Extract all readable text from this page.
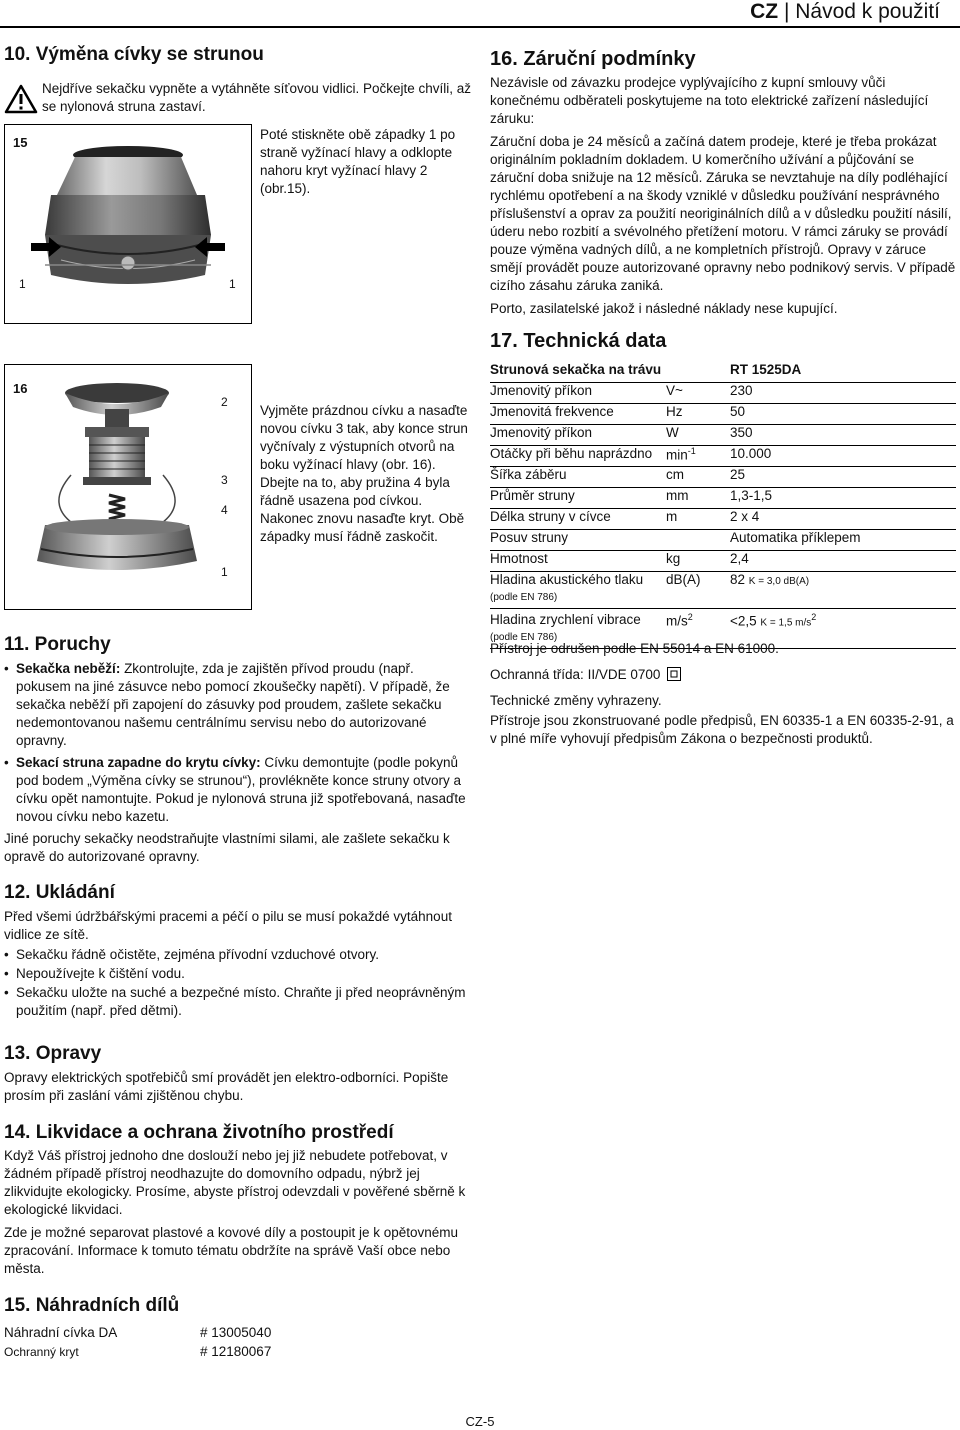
CZ | Návod k použití
10. Výměna cívky se strunou
Nejdříve sekačku vypněte a vytáhněte síťovou vidlici. Počkejte chvíli, až se nylonová struna zastaví.
15
1	1
Poté stiskněte obě západky 1 po straně vyžínací hlavy a odklopte nahoru kryt vyžínací hlavy 2 (obr.15).
16
2
3
4
1
Vyjměte prázdnou cívku a nasaďte novou cívku 3 tak, aby konce strun vyčnívaly z výstupních otvorů na boku vyžínací hlavy (obr. 16). Dbejte na to, aby pružina 4 byla řádně usazena pod cívkou. Nakonec znovu nasaďte kryt. Obě západky musí řádně zaskočit.
11. Poruchy
• Sekačka neběží: Zkontrolujte, zda je zajištěn přívod proudu (např. pokusem na jiné zásuvce nebo pomocí zkoušečky napětí). V případě, že sekačka neběží při zapojení do zásuvky pod proudem, zašlete sekačku nedemontovanou našemu centrálnímu servisu nebo do autorizované opravny.
• Sekací struna zapadne do krytu cívky: Cívku demontujte (podle pokynů pod bodem „Výměna cívky se strunou“), provlékněte konce struny otvory a cívku opět namontujte. Pokud je nylonová struna již spotřebovaná, nasaďte novou cívku nebo kazetu.

Jiné poruchy sekačky neodstraňujte vlastními silami, ale zašlete sekačku k opravě do autorizované opravny.

12. Ukládání

Před všemi údržbářskými pracemi a péčí o pilu se musí pokaždé vytáhnout vidlice ze sítě.

• Sekačku řádně očistěte, zejména přívodní vzduchové otvory.
• Nepoužívejte k čištění vodu.
• Sekačku uložte na suché a bezpečné místo. Chraňte ji před neoprávněným použitím (např. před dětmi).
13. Opravy
Opravy elektrických spotřebičů smí provádět jen elektro-odborníci. Popište prosím při zaslání vámi zjištěnou chybu.
14. Likvidace a ochrana životního prostředí

Když Váš přístroj jednoho dne doslouží nebo jej již nebudete potřebovat, v žádném případě přístroj neodhazujte do domovního odpadu, nýbrž jej zlikvidujte ekologicky. Prosíme, abyste přístroj odevzdali v pověřené sběrně k ekologické likvidaci.

Zde je možné separovat plastové a kovové díly a postoupit je k opětovnému zpracování. Informace k tomuto tématu obdržíte na správě Vaší obce nebo města.

15. Náhradních dílů
Náhradní cívka DA	# 13005040
Ochranný kryt	# 12180067
16. Záruční podmínky

Nezávisle od závazku prodejce vyplývajícího z kupní smlouvy vůči konečnému odběrateli poskytujeme na toto elektrické zařízení následující záruku:

Záruční doba je 24 měsíců a začíná datem prodeje, které je třeba prokázat originálním pokladním dokladem. U komerčního užívání a půjčování se záruční doba snižuje na 12 měsíců. Záruka se nevztahuje na díly podléhající rychlému opotřebení a na škody vzniklé v důsledku používání nesprávného příslušenství a oprav za použití neoriginálních dílů a v důsledku použití násilí, úderu nebo rozbití a svévolného přetížení motoru. V rámci záruky se provádí pouze výměna vadných dílů, a ne kompletních přístrojů. Opravy v záruce smějí provádět pouze autorizované opravny nebo podnikový servis. V případě cizího zásahu záruka zaniká.

Porto, zasilatelské jakož i následné náklady nese kupující.

17. Technická data
Strunová sekačka na trávu		RT 1525DA
Jmenovitý příkon	V~	230
Jmenovitá frekvence	Hz	50
Jmenovitý příkon	W	350
Otáčky při běhu naprázdno	$\min^{-1}$	10.000
Šířka záběru	cm	25
Průměr struny	mm	1,3-1,5
Délka struny v cívce	m	2 x 4
Posuv struny		Automatika příklepem
Hmotnost	kg	2,4
Hladina akustického tlaku	dB(A)	82 K = 3,0 dB(A)
(podle EN 786)		
Hladina zrychlení vibrace	$m/s^2$	<2,5 K = 1,5 $m/s^2$
(podle EN 786)		

Přístroj je odrušen podle EN 55014 a EN 61000.

Ochranná třída: II/VDE 0700

Technické změny vyhrazeny.

Přístroje jsou zkonstruované podle předpisů, EN 60335-1 a EN 60335-2-91, a v plné míře vyhovují předpisům Zákona o bezpečnosti produktů.

CZ-5
